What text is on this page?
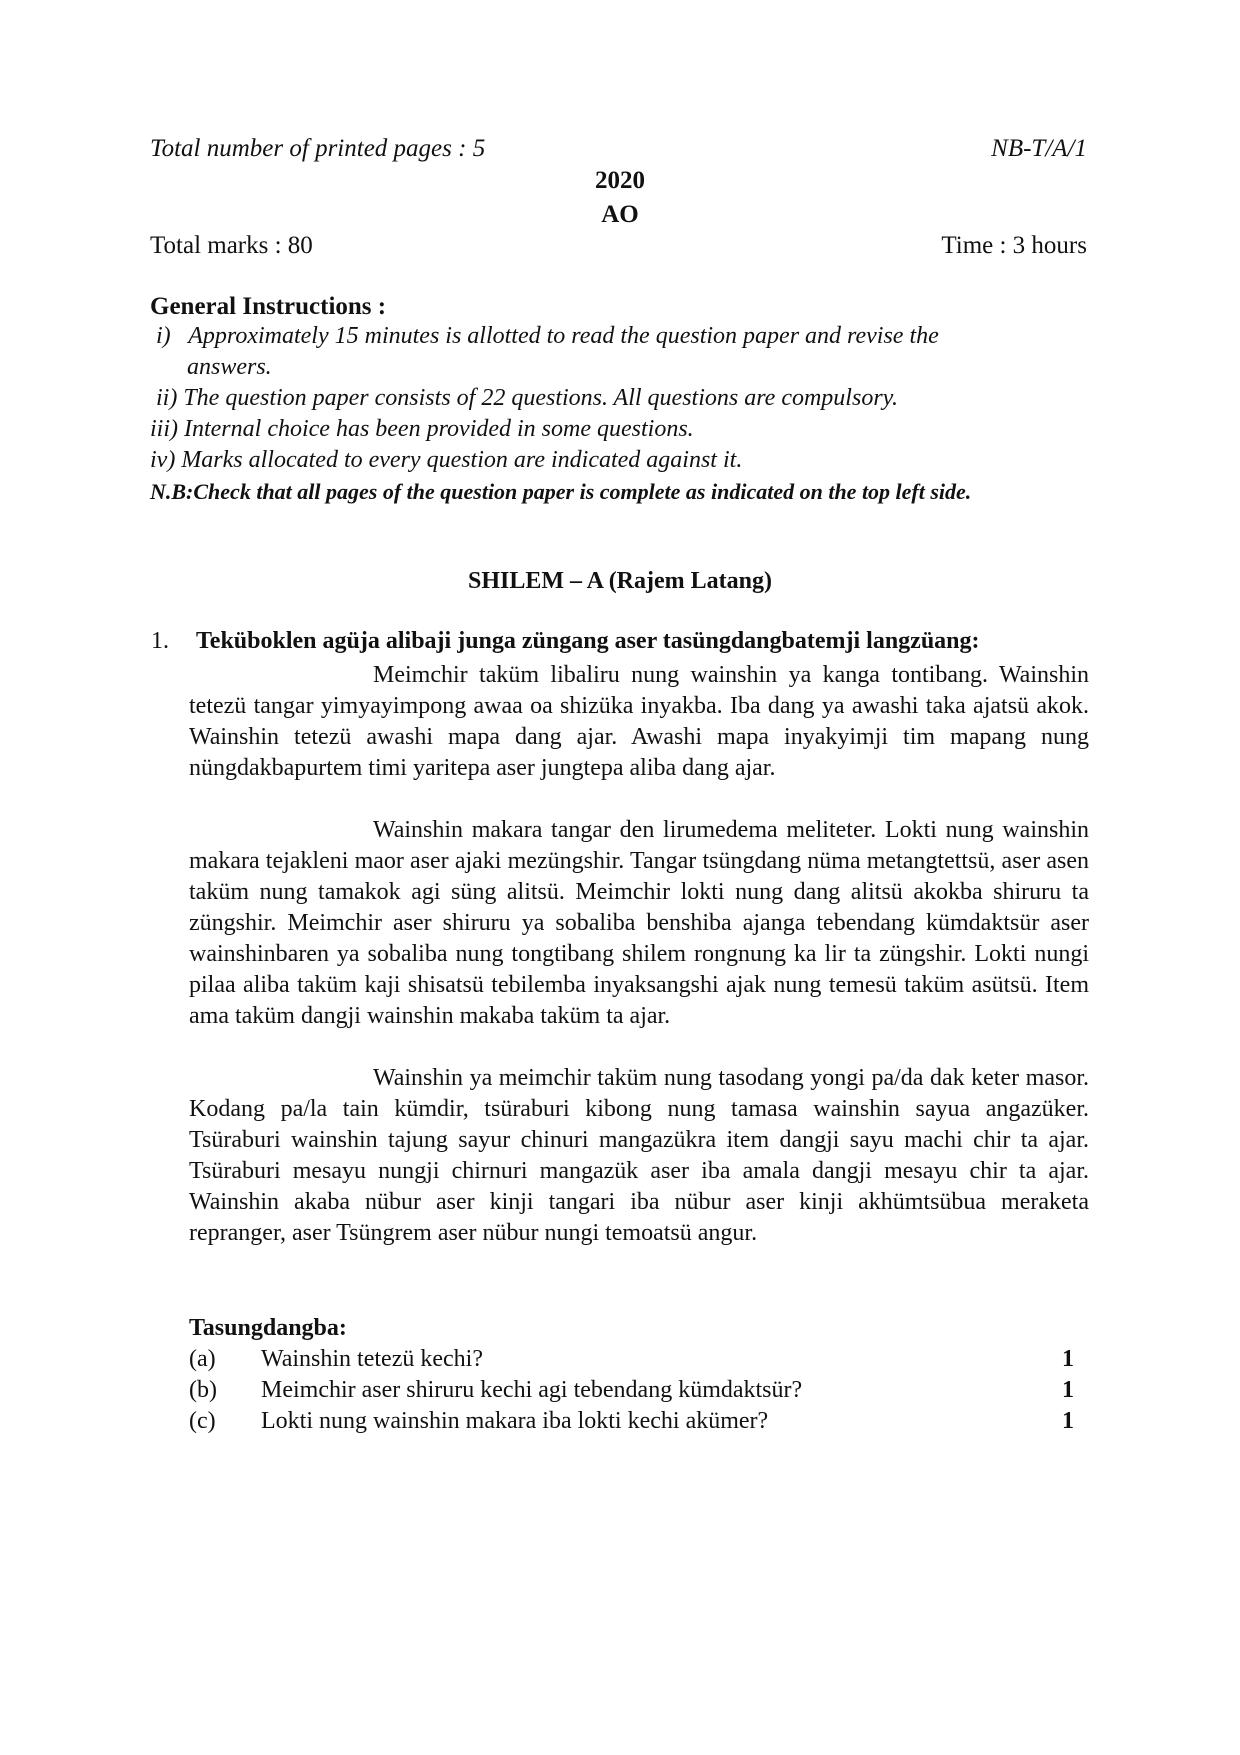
Total number of printed pages : 5	NB-T/A/1
2020
AO
Total marks : 80	Time : 3 hours
General Instructions :
i)   Approximately 15 minutes is allotted to read the question paper and revise the
answers.
ii) The question paper consists of 22 questions. All questions are compulsory.
iii) Internal choice has been provided in some questions.
iv) Marks allocated to every question are indicated against it.
N.B:Check that all pages of the question paper is complete as indicated on the top left side.
SHILEM – A (Rajem Latang)
1. Teküboklen agüja alibaji junga züngang aser tasüngdangbatemji langzüang:
Meimchir taküm libaliru nung wainshin ya kanga tontibang. Wainshin tetezü tangar yimyayimpong awaa oa shizüka inyakba. Iba dang ya awashi taka ajatsü akok. Wainshin tetezü awashi mapa dang ajar. Awashi mapa inyakyimji tim mapang nung nüngdakbapurtem timi yaritepa aser jungtepa aliba dang ajar.
Wainshin makara tangar den lirumedema meliteter. Lokti nung wainshin makara tejakleni maor aser ajaki mezüngshir. Tangar tsüngdang nüma metangtettsü, aser asen taküm nung tamakok agi süng alitsü. Meimchir lokti nung dang alitsü akokba shiruru ta züngshir. Meimchir aser shiruru ya sobaliba benshiba ajanga tebendang kümdaktsür aser wainshinbaren ya sobaliba nung tongtibang shilem rongnung ka lir ta züngshir. Lokti nungi pilaa aliba taküm kaji shisatsü tebilemba inyaksangshi ajak nung temesü taküm asütsü. Item ama taküm dangji wainshin makaba taküm ta ajar.
Wainshin ya meimchir taküm nung tasodang yongi pa/da dak keter masor. Kodang pa/la tain kümdir, tsüraburi kibong nung tamasa wainshin sayua angazüker. Tsüraburi wainshin tajung sayur chinuri mangazükra item dangji sayu machi chir ta ajar. Tsüraburi mesayu nungji chirnuri mangazük aser iba amala dangji mesayu chir ta ajar. Wainshin akaba nübur aser kinji tangari iba nübur aser kinji akhümtsübua meraketa repranger, aser Tsüngrem aser nübur nungi temoatsü angur.
Tasungdangba:
(a) Wainshin tetezü kechi?	1
(b) Meimchir aser shiruru kechi agi tebendang kümdaktsür?	1
(c) Lokti nung wainshin makara iba lokti kechi akümer?	1
